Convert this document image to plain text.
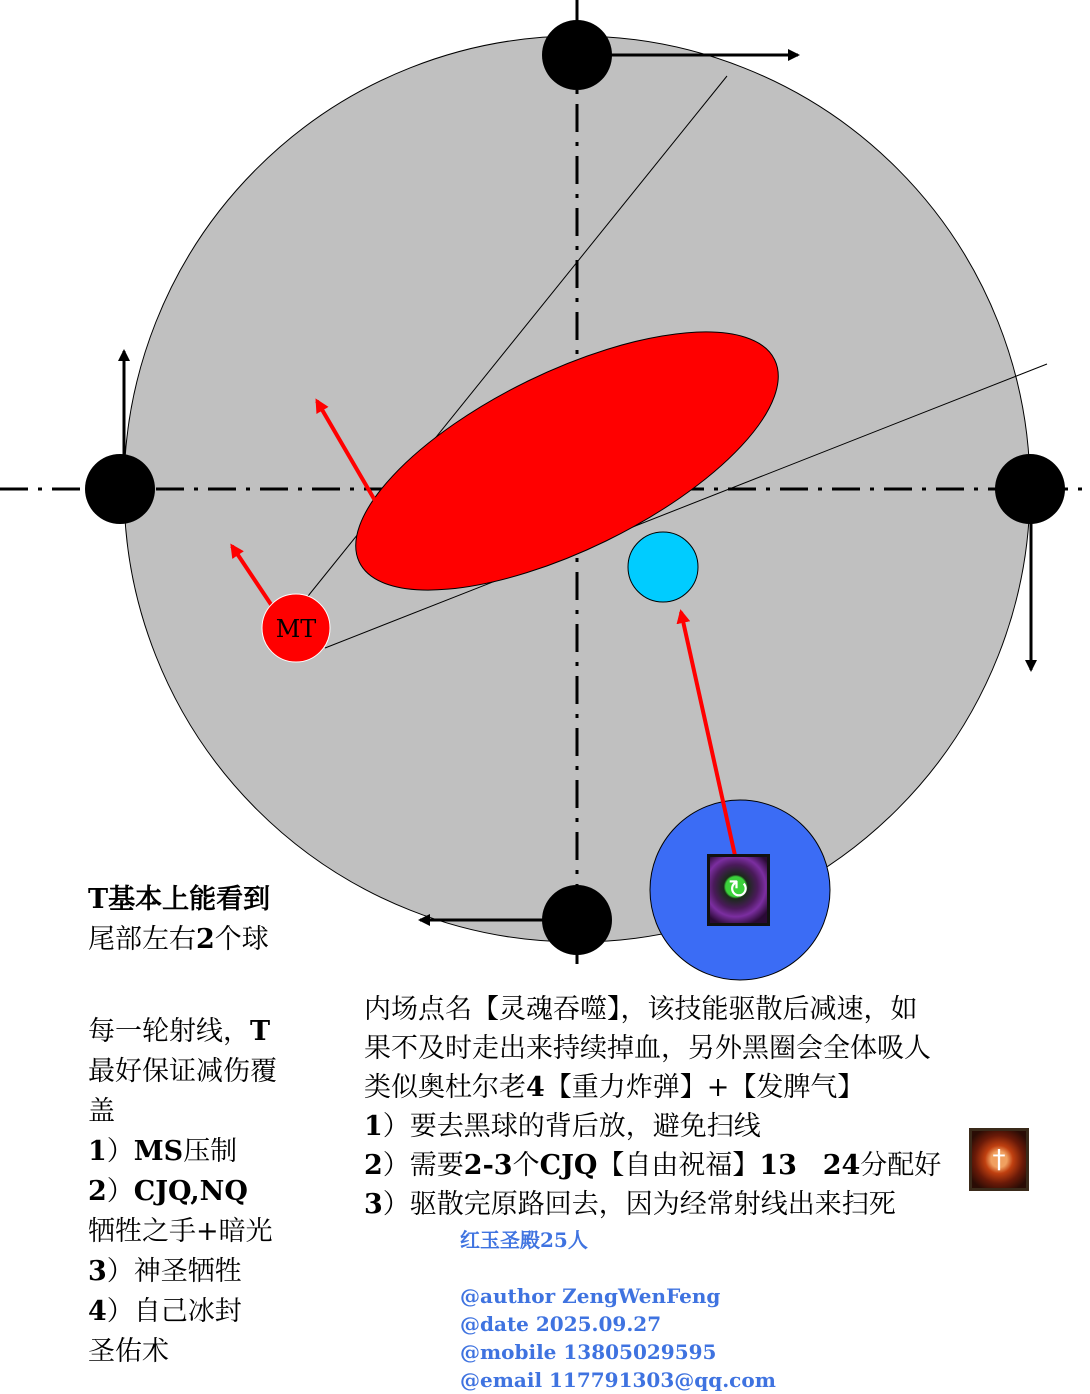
MT
↻
†
T基本上能看到
尾部左右2个球
每一轮射线，T
最好保证减伤覆
盖
1）MS压制
2）CJQ,NQ
牺牲之手+暗光
3）神圣牺牲
4）自己冰封
圣佑术
内场点名【灵魂吞噬】，该技能驱散后减速，如
果不及时走出来持续掉血，另外黑圈会全体吸人
类似奥杜尔老4【重力炸弹】+【发脾气】
1）要去黑球的背后放，避免扫线
2）需要2-3个CJQ【自由祝福】13 24分配好
3）驱散完原路回去，因为经常射线出来扫死
红玉圣殿25人

@author ZengWenFeng
@date 2025.09.27
@mobile 13805029595
@email 117791303@qq.com
